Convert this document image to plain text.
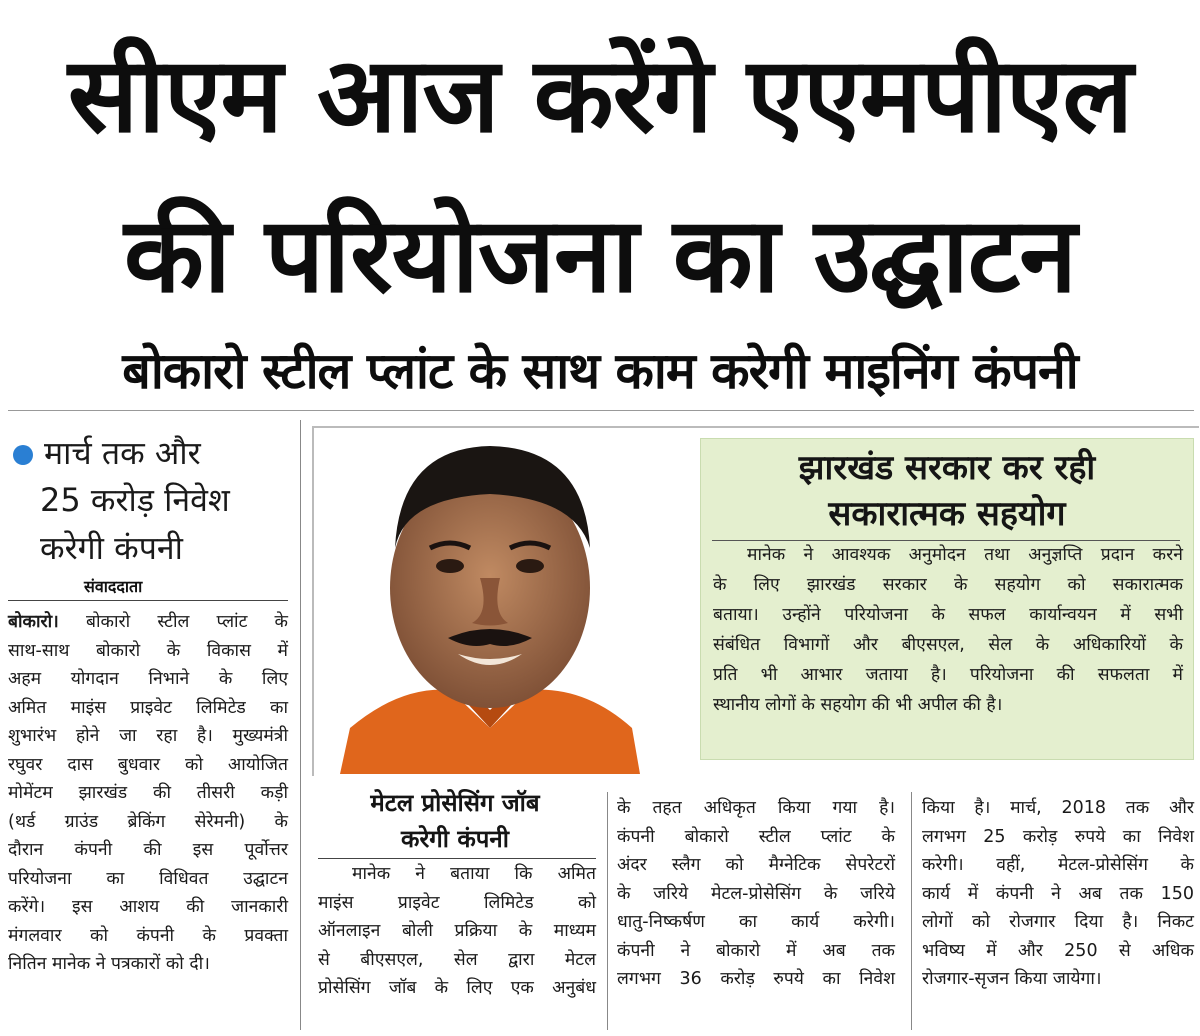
सीएम आज करेंगे एएमपीएल
की परियोजना का उद्घाटन
बोकारो स्टील प्लांट के साथ काम करेगी माइनिंग कंपनी
मार्च तक और
25 करोड़ निवेश
करेगी कंपनी
संवाददाता

बोकारो। बोकारो स्टील प्लांट के

साथ-साथ बोकारो के विकास में

अहम योगदान निभाने के लिए

अमित माइंस प्राइवेट लिमिटेड का

शुभारंभ होने जा रहा है। मुख्यमंत्री

रघुवर दास बुधवार को आयोजित

मोमेंटम झारखंड की तीसरी कड़ी

(थर्ड ग्राउंड ब्रेकिंग सेरेमनी) के

दौरान कंपनी की इस पूर्वोत्तर

परियोजना का विधिवत उद्घाटन

करेंगे। इस आशय की जानकारी

मंगलवार को कंपनी के प्रवक्ता

नितिन मानेक ने पत्रकारों को दी।

झारखंड सरकार कर रही
सकारात्मक सहयोग

मानेक ने आवश्यक अनुमोदन तथा अनुज्ञप्ति प्रदान करने

के लिए झारखंड सरकार के सहयोग को सकारात्मक

बताया। उन्होंने परियोजना के सफल कार्यान्वयन में सभी

संबंधित विभागों और बीएसएल, सेल के अधिकारियों के

प्रति भी आभार जताया है। परियोजना की सफलता में

स्थानीय लोगों के सहयोग की भी अपील की है।

मेटल प्रोसेसिंग जॉब
करेगी कंपनी

मानेक ने बताया कि अमित

माइंस प्राइवेट लिमिटेड को

ऑनलाइन बोली प्रक्रिया के माध्यम

से बीएसएल, सेल द्वारा मेटल

प्रोसेसिंग जॉब के लिए एक अनुबंध

के तहत अधिकृत किया गया है।

कंपनी बोकारो स्टील प्लांट के

अंदर स्लैग को मैग्नेटिक सेपरेटरों

के जरिये मेटल-प्रोसेसिंग के जरिये

धातु-निष्कर्षण का कार्य करेगी।

कंपनी ने बोकारो में अब तक

लगभग 36 करोड़ रुपये का निवेश

किया है। मार्च, 2018 तक और

लगभग 25 करोड़ रुपये का निवेश

करेगी। वहीं, मेटल-प्रोसेसिंग के

कार्य में कंपनी ने अब तक 150

लोगों को रोजगार दिया है। निकट

भविष्य में और 250 से अधिक

रोजगार-सृजन किया जायेगा।
